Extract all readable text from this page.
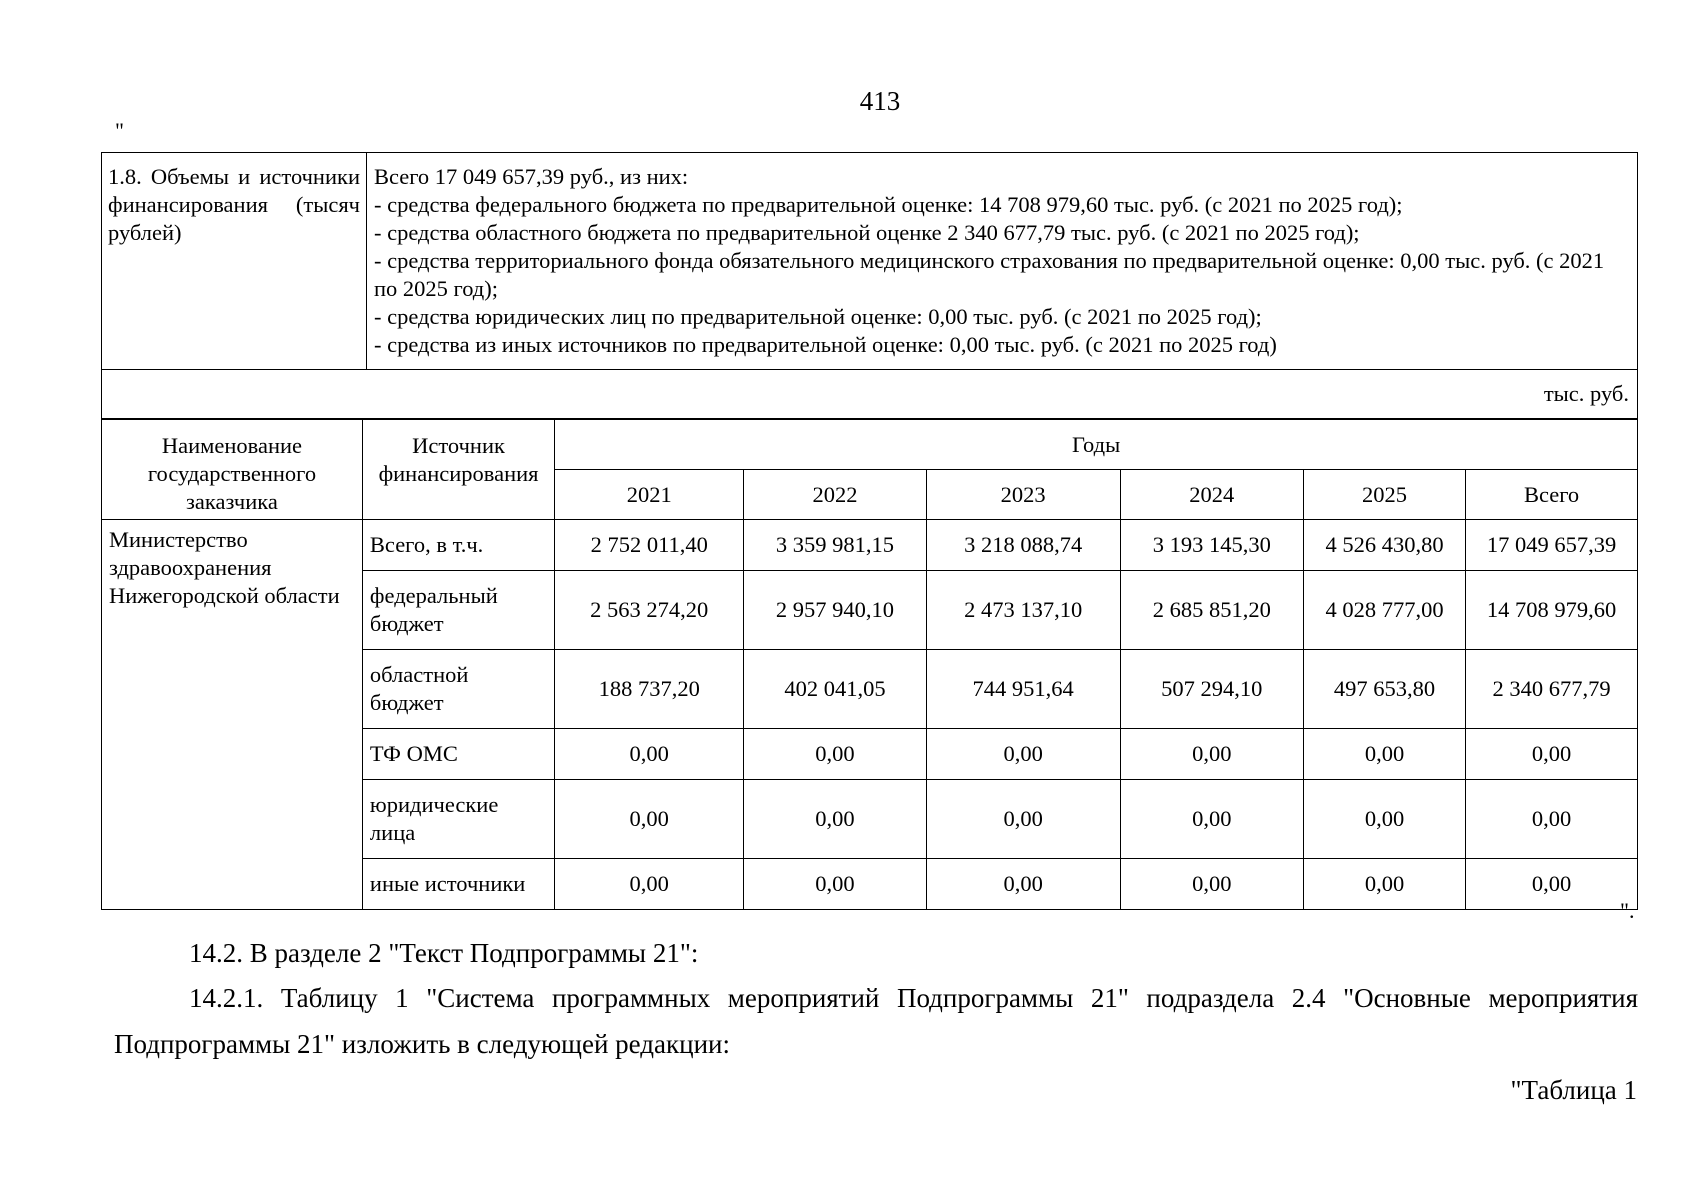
413
"
1.8. Объемы и источники финансирования (тысяч рублей)	
Всего 17 049 657,39 руб., из них:
- средства федерального бюджета по предварительной оценке: 14 708 979,60 тыс. руб. (с 2021 по 2025 год);
- средства областного бюджета по предварительной оценке 2 340 677,79 тыс. руб. (с 2021 по 2025 год);
- средства территориального фонда обязательного медицинского страхования по предварительной оценке: 0,00 тыс. руб. (с 2021 по 2025 год);
- средства юридических лиц по предварительной оценке: 0,00 тыс. руб. (с 2021 по 2025 год);
- средства из иных источников по предварительной оценке: 0,00 тыс. руб. (с 2021 по 2025 год)

тыс. руб.
Наименование государственного заказчика	Источник финансирования	Годы					
		2021	2022	2023	2024	2025	Всего
Министерство здравоохранения Нижегородской области	Всего, в т.ч.	2 752 011,40	3 359 981,15	3 218 088,74	3 193 145,30	4 526 430,80	17 049 657,39
	федеральный бюджет	2 563 274,20	2 957 940,10	2 473 137,10	2 685 851,20	4 028 777,00	14 708 979,60
	областной бюджет	188 737,20	402 041,05	744 951,64	507 294,10	497 653,80	2 340 677,79
	ТФ ОМС	0,00	0,00	0,00	0,00	0,00	0,00
	юридические лица	0,00	0,00	0,00	0,00	0,00	0,00
	иные источники	0,00	0,00	0,00	0,00	0,00	0,00
".
14.2. В разделе 2 "Текст Подпрограммы 21":
14.2.1. Таблицу 1 "Система программных мероприятий Подпрограммы 21" подраздела 2.4 "Основные мероприятия Подпрограммы 21" изложить в следующей редакции:
"Таблица 1
